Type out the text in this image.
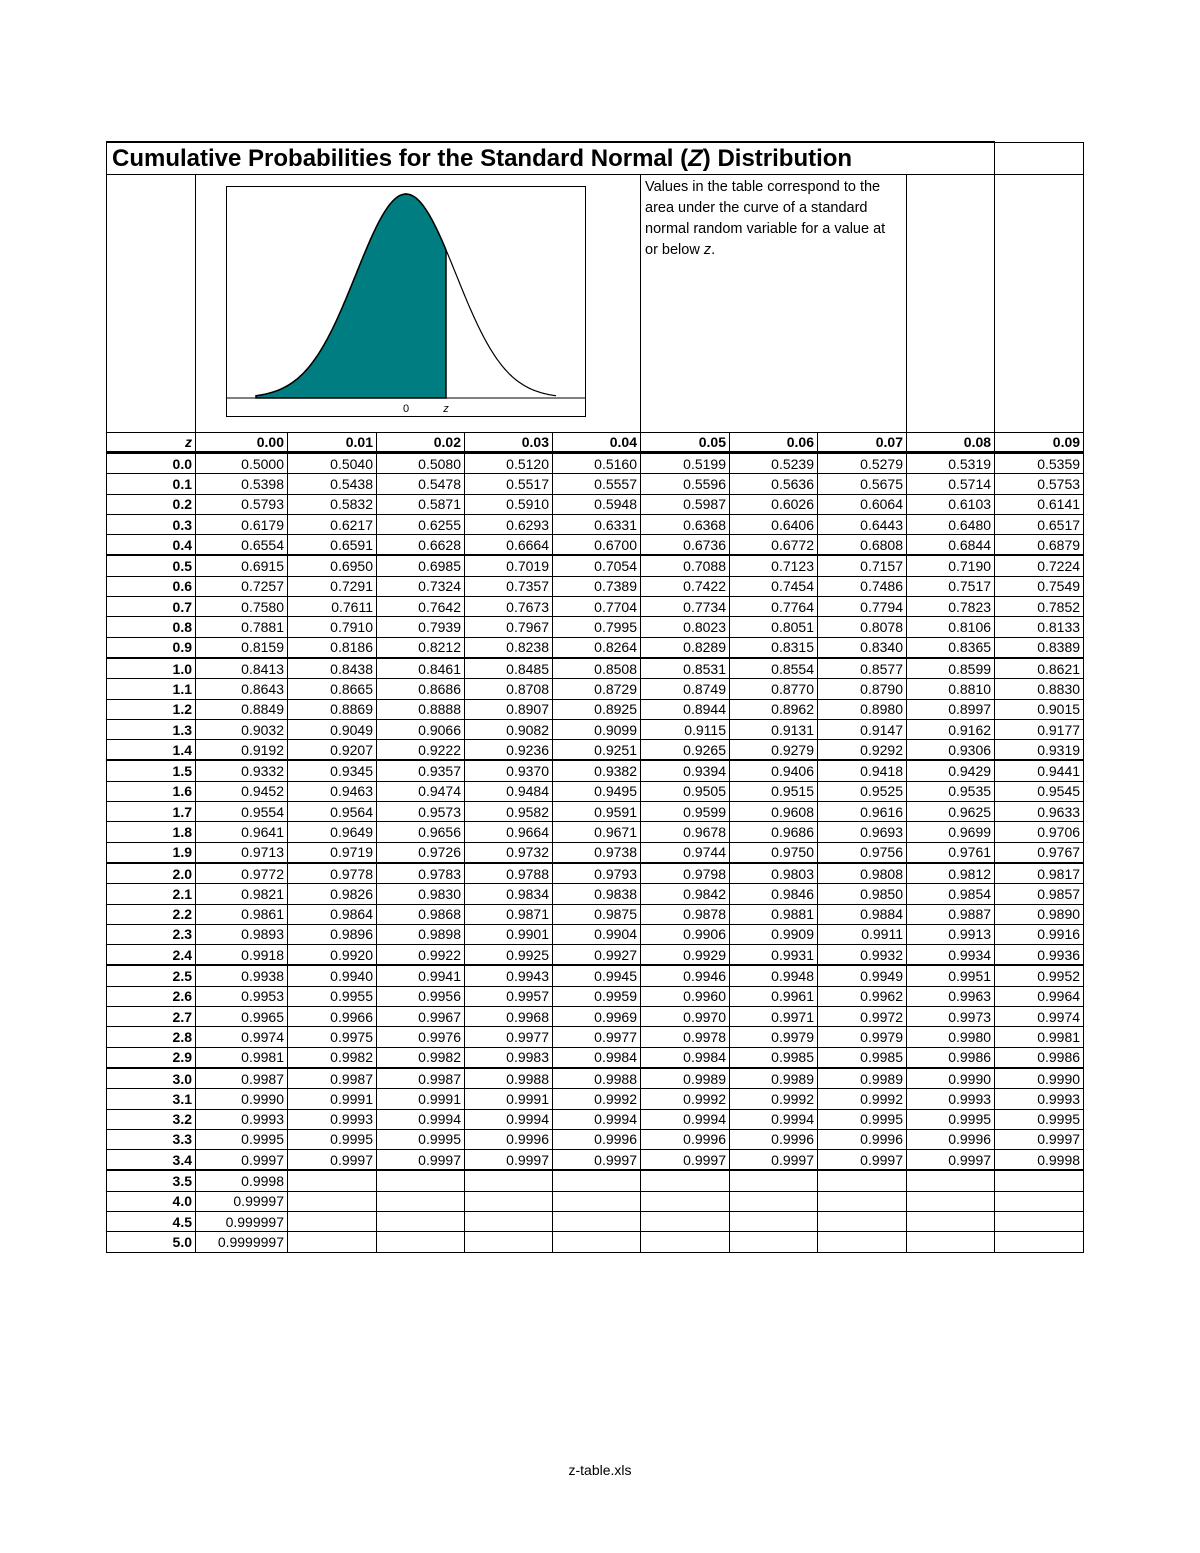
Cumulative Probabilities for the Standard Normal (Z) Distribution										

0 z					Values in the table correspond to the area under the curve of a standard normal random variable for a value at or below z.				
z	0.00	0.01	0.02	0.03	0.04	0.05	0.06	0.07	0.08	0.09
0.0	0.5000	0.5040	0.5080	0.5120	0.5160	0.5199	0.5239	0.5279	0.5319	0.5359
0.1	0.5398	0.5438	0.5478	0.5517	0.5557	0.5596	0.5636	0.5675	0.5714	0.5753
0.2	0.5793	0.5832	0.5871	0.5910	0.5948	0.5987	0.6026	0.6064	0.6103	0.6141
0.3	0.6179	0.6217	0.6255	0.6293	0.6331	0.6368	0.6406	0.6443	0.6480	0.6517
0.4	0.6554	0.6591	0.6628	0.6664	0.6700	0.6736	0.6772	0.6808	0.6844	0.6879
0.5	0.6915	0.6950	0.6985	0.7019	0.7054	0.7088	0.7123	0.7157	0.7190	0.7224
0.6	0.7257	0.7291	0.7324	0.7357	0.7389	0.7422	0.7454	0.7486	0.7517	0.7549
0.7	0.7580	0.7611	0.7642	0.7673	0.7704	0.7734	0.7764	0.7794	0.7823	0.7852
0.8	0.7881	0.7910	0.7939	0.7967	0.7995	0.8023	0.8051	0.8078	0.8106	0.8133
0.9	0.8159	0.8186	0.8212	0.8238	0.8264	0.8289	0.8315	0.8340	0.8365	0.8389
1.0	0.8413	0.8438	0.8461	0.8485	0.8508	0.8531	0.8554	0.8577	0.8599	0.8621
1.1	0.8643	0.8665	0.8686	0.8708	0.8729	0.8749	0.8770	0.8790	0.8810	0.8830
1.2	0.8849	0.8869	0.8888	0.8907	0.8925	0.8944	0.8962	0.8980	0.8997	0.9015
1.3	0.9032	0.9049	0.9066	0.9082	0.9099	0.9115	0.9131	0.9147	0.9162	0.9177
1.4	0.9192	0.9207	0.9222	0.9236	0.9251	0.9265	0.9279	0.9292	0.9306	0.9319
1.5	0.9332	0.9345	0.9357	0.9370	0.9382	0.9394	0.9406	0.9418	0.9429	0.9441
1.6	0.9452	0.9463	0.9474	0.9484	0.9495	0.9505	0.9515	0.9525	0.9535	0.9545
1.7	0.9554	0.9564	0.9573	0.9582	0.9591	0.9599	0.9608	0.9616	0.9625	0.9633
1.8	0.9641	0.9649	0.9656	0.9664	0.9671	0.9678	0.9686	0.9693	0.9699	0.9706
1.9	0.9713	0.9719	0.9726	0.9732	0.9738	0.9744	0.9750	0.9756	0.9761	0.9767
2.0	0.9772	0.9778	0.9783	0.9788	0.9793	0.9798	0.9803	0.9808	0.9812	0.9817
2.1	0.9821	0.9826	0.9830	0.9834	0.9838	0.9842	0.9846	0.9850	0.9854	0.9857
2.2	0.9861	0.9864	0.9868	0.9871	0.9875	0.9878	0.9881	0.9884	0.9887	0.9890
2.3	0.9893	0.9896	0.9898	0.9901	0.9904	0.9906	0.9909	0.9911	0.9913	0.9916
2.4	0.9918	0.9920	0.9922	0.9925	0.9927	0.9929	0.9931	0.9932	0.9934	0.9936
2.5	0.9938	0.9940	0.9941	0.9943	0.9945	0.9946	0.9948	0.9949	0.9951	0.9952
2.6	0.9953	0.9955	0.9956	0.9957	0.9959	0.9960	0.9961	0.9962	0.9963	0.9964
2.7	0.9965	0.9966	0.9967	0.9968	0.9969	0.9970	0.9971	0.9972	0.9973	0.9974
2.8	0.9974	0.9975	0.9976	0.9977	0.9977	0.9978	0.9979	0.9979	0.9980	0.9981
2.9	0.9981	0.9982	0.9982	0.9983	0.9984	0.9984	0.9985	0.9985	0.9986	0.9986
3.0	0.9987	0.9987	0.9987	0.9988	0.9988	0.9989	0.9989	0.9989	0.9990	0.9990
3.1	0.9990	0.9991	0.9991	0.9991	0.9992	0.9992	0.9992	0.9992	0.9993	0.9993
3.2	0.9993	0.9993	0.9994	0.9994	0.9994	0.9994	0.9994	0.9995	0.9995	0.9995
3.3	0.9995	0.9995	0.9995	0.9996	0.9996	0.9996	0.9996	0.9996	0.9996	0.9997
3.4	0.9997	0.9997	0.9997	0.9997	0.9997	0.9997	0.9997	0.9997	0.9997	0.9998
3.5	0.9998									
4.0	0.99997									
4.5	0.999997									
5.0	0.9999997									
z-table.xls
